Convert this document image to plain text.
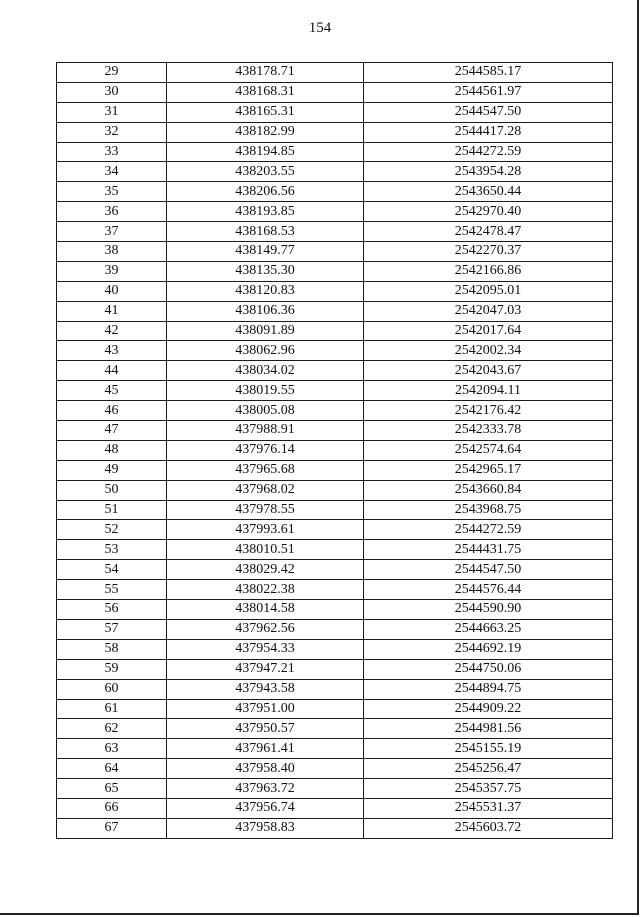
154
29	438178.71	2544585.17
30	438168.31	2544561.97
31	438165.31	2544547.50
32	438182.99	2544417.28
33	438194.85	2544272.59
34	438203.55	2543954.28
35	438206.56	2543650.44
36	438193.85	2542970.40
37	438168.53	2542478.47
38	438149.77	2542270.37
39	438135.30	2542166.86
40	438120.83	2542095.01
41	438106.36	2542047.03
42	438091.89	2542017.64
43	438062.96	2542002.34
44	438034.02	2542043.67
45	438019.55	2542094.11
46	438005.08	2542176.42
47	437988.91	2542333.78
48	437976.14	2542574.64
49	437965.68	2542965.17
50	437968.02	2543660.84
51	437978.55	2543968.75
52	437993.61	2544272.59
53	438010.51	2544431.75
54	438029.42	2544547.50
55	438022.38	2544576.44
56	438014.58	2544590.90
57	437962.56	2544663.25
58	437954.33	2544692.19
59	437947.21	2544750.06
60	437943.58	2544894.75
61	437951.00	2544909.22
62	437950.57	2544981.56
63	437961.41	2545155.19
64	437958.40	2545256.47
65	437963.72	2545357.75
66	437956.74	2545531.37
67	437958.83	2545603.72
